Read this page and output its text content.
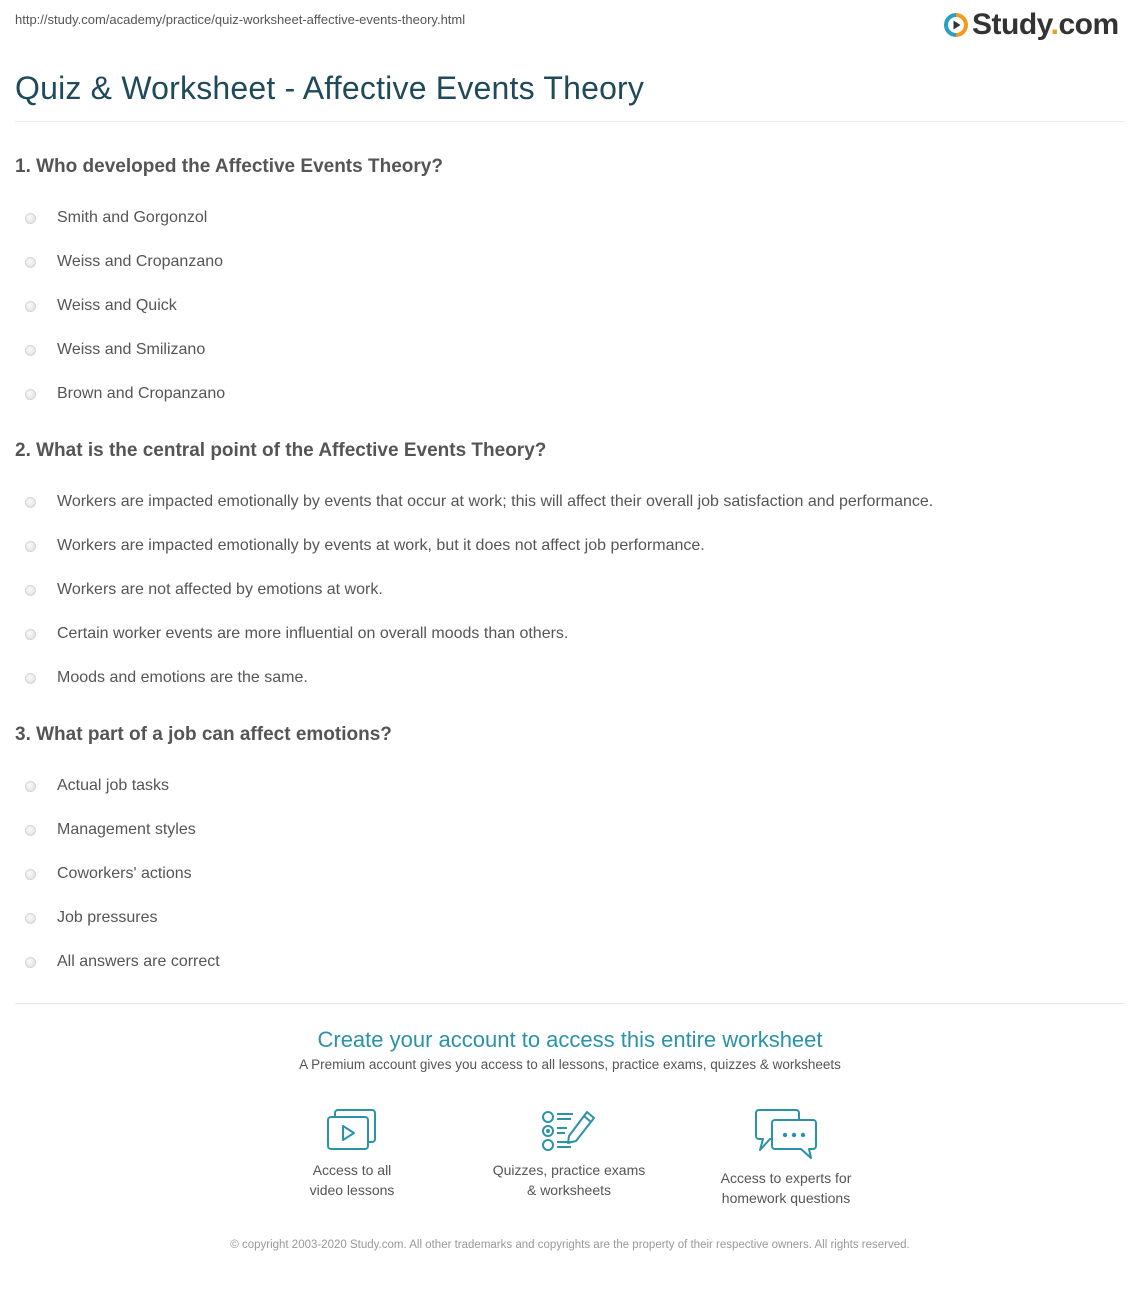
http://study.com/academy/practice/quiz-worksheet-affective-events-theory.html	Study.com
Quiz & Worksheet - Affective Events Theory
1. Who developed the Affective Events Theory?
Smith and Gorgonzol
Weiss and Cropanzano
Weiss and Quick
Weiss and Smilizano
Brown and Cropanzano
2. What is the central point of the Affective Events Theory?
Workers are impacted emotionally by events that occur at work; this will affect their overall job satisfaction and performance.
Workers are impacted emotionally by events at work, but it does not affect job performance.
Workers are not affected by emotions at work.
Certain worker events are more influential on overall moods than others.
Moods and emotions are the same.
3. What part of a job can affect emotions?
Actual job tasks
Management styles
Coworkers' actions
Job pressures
All answers are correct
Create your account to access this entire worksheet
A Premium account gives you access to all lessons, practice exams, quizzes & worksheets
Access to all
video lessons
Quizzes, practice exams
& worksheets
Access to experts for
homework questions
© copyright 2003-2020 Study.com. All other trademarks and copyrights are the property of their respective owners. All rights reserved.
